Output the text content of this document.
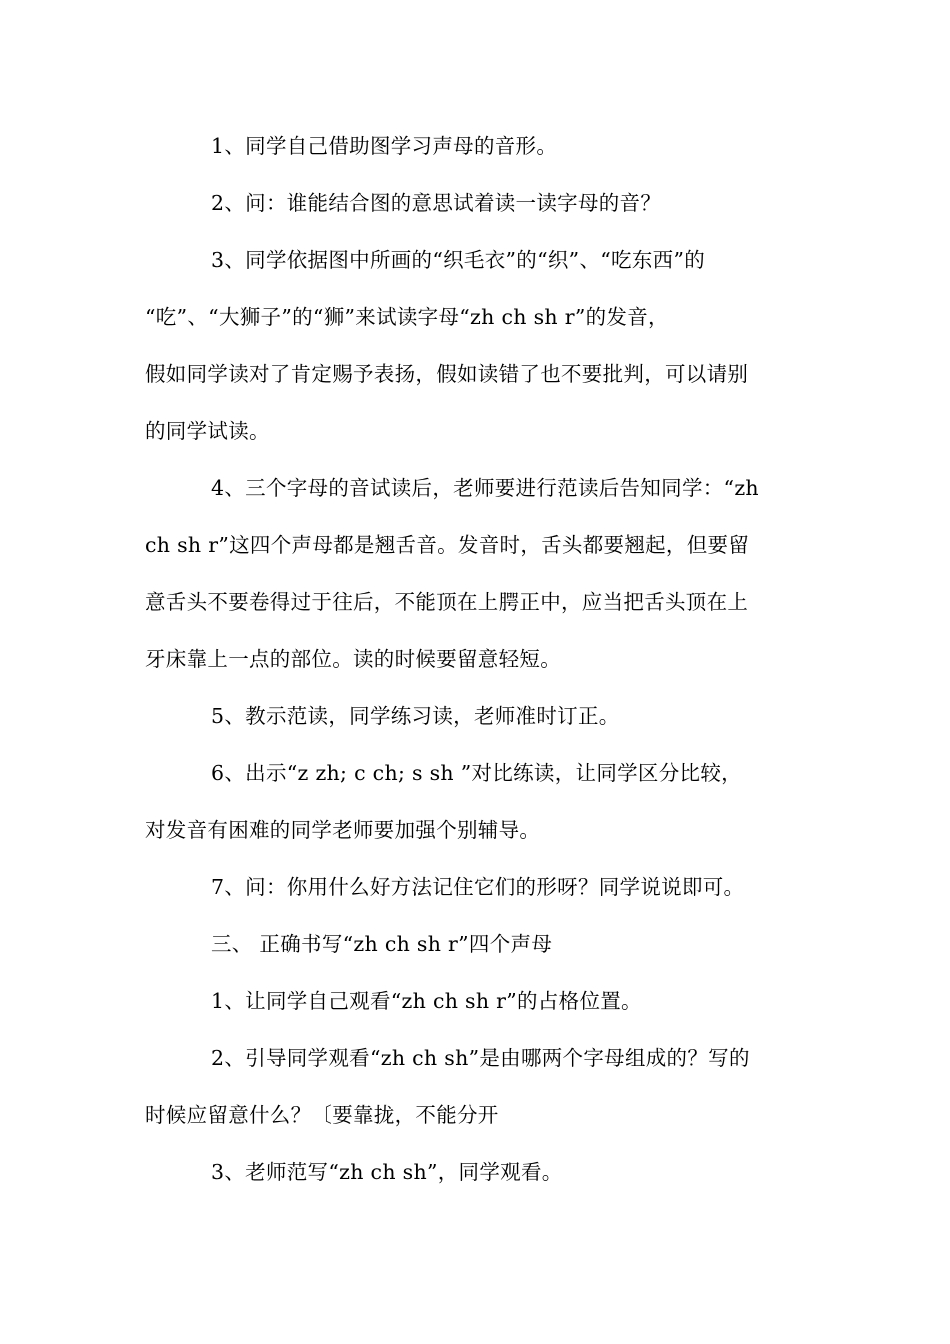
1、同学自己借助图学习声母的音形。

2、问：谁能结合图的意思试着读一读字母的音？

3、同学依据图中所画的“织毛衣”的“织”、“吃东西”的

“吃”、“大狮子”的“狮”来试读字母“zh ch sh r”的发音，

假如同学读对了肯定赐予表扬，假如读错了也不要批判，可以请别

的同学试读。

4、三个字母的音试读后，老师要进行范读后告知同学：“zh

ch sh r”这四个声母都是翘舌音。发音时，舌头都要翘起，但要留

意舌头不要卷得过于往后，不能顶在上腭正中，应当把舌头顶在上

牙床靠上一点的部位。读的时候要留意轻短。

5、教示范读，同学练习读，老师准时订正。

6、出示“z zh; c ch; s sh ”对比练读，让同学区分比较，

对发音有困难的同学老师要加强个别辅导。

7、问：你用什么好方法记住它们的形呀？同学说说即可。

三、 正确书写“zh ch sh r”四个声母

1、让同学自己观看“zh ch sh r”的占格位置。

2、引导同学观看“zh ch sh”是由哪两个字母组成的？写的

时候应留意什么？〔要靠拢，不能分开

3、老师范写“zh ch sh”，同学观看。
